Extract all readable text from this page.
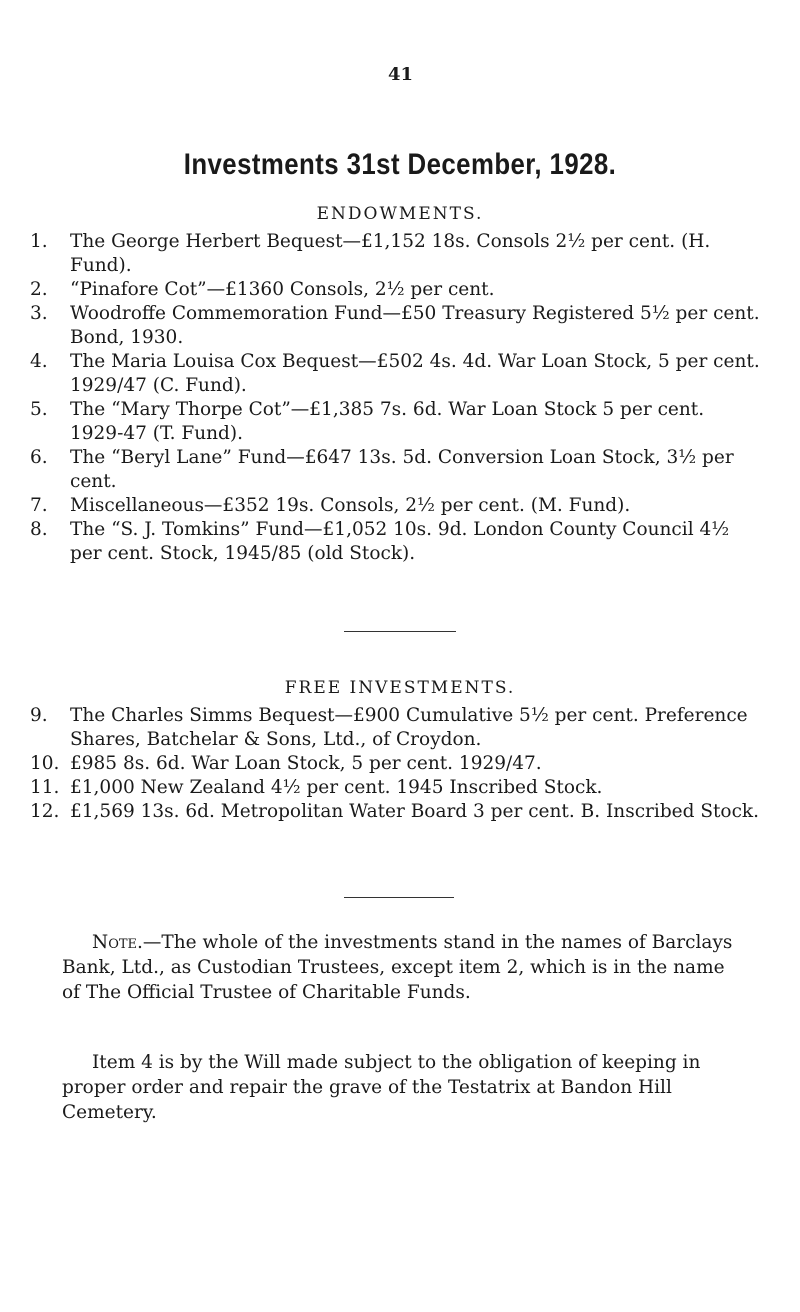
41
Investments 31st December, 1928.
ENDOWMENTS.
1.	The George Herbert Bequest—£1,152 18s. Consols 2½ per cent. (H. Fund).
2.	“Pinafore Cot”—£1360 Consols, 2½ per cent.
3.	Woodroffe Commemoration Fund—£50 Treasury Registered 5½ per cent. Bond, 1930.
4.	The Maria Louisa Cox Bequest—£502 4s. 4d. War Loan Stock, 5 per cent. 1929/47 (C. Fund).
5.	The “Mary Thorpe Cot”—£1,385 7s. 6d. War Loan Stock 5 per cent. 1929-47 (T. Fund).
6.	The “Beryl Lane” Fund—£647 13s. 5d. Conversion Loan Stock, 3½ per cent.
7.	Miscellaneous—£352 19s. Consols, 2½ per cent. (M. Fund).
8.	The “S. J. Tomkins” Fund—£1,052 10s. 9d. London County Council 4½ per cent. Stock, 1945/85 (old Stock).
FREE INVESTMENTS.
9.	The Charles Simms Bequest—£900 Cumulative 5½ per cent. Preference Shares, Batchelar & Sons, Ltd., of Croydon.
10. £985 8s. 6d. War Loan Stock, 5 per cent. 1929/47.
11. £1,000 New Zealand 4½ per cent. 1945 Inscribed Stock.
12. £1,569 13s. 6d. Metropolitan Water Board 3 per cent. B. Inscribed Stock.
Note.—The whole of the investments stand in the names of Barclays Bank, Ltd., as Custodian Trustees, except item 2, which is in the name of The Official Trustee of Charitable Funds.
Item 4 is by the Will made subject to the obligation of keeping in proper order and repair the grave of the Testatrix at Bandon Hill Cemetery.
